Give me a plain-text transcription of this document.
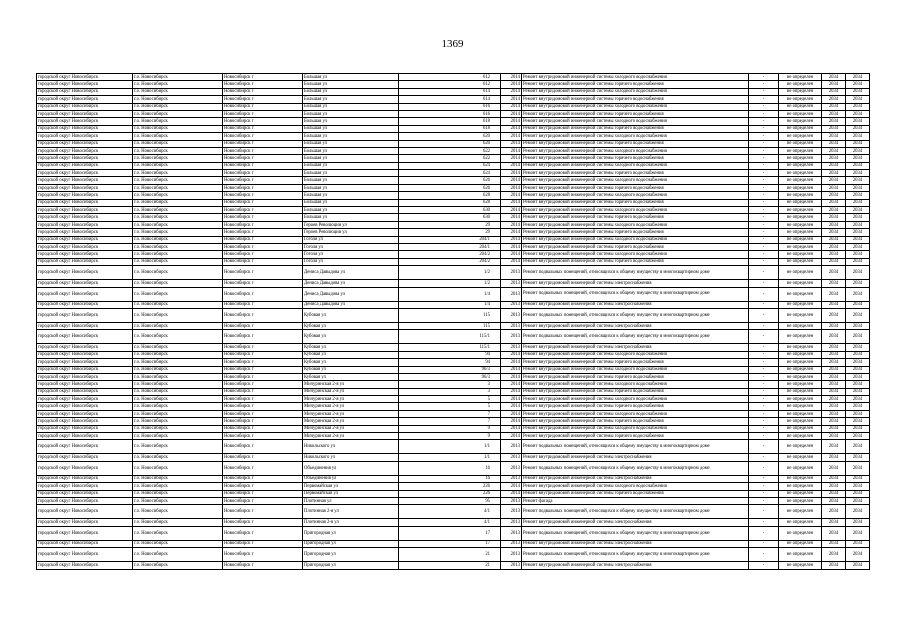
1369
городской округ Новосибирск	г.о. Новосибирск	Новосибирск г	Большая ул	612	2014	Ремонт внутридомовой инженерной системы холодного водоснабжения	-	не определен	2034	2034
городской округ Новосибирск	г.о. Новосибирск	Новосибирск г	Большая ул	612	2014	Ремонт внутридомовой инженерной системы горячего водоснабжения	-	не определен	2034	2034
городской округ Новосибирск	г.о. Новосибирск	Новосибирск г	Большая ул	614	2014	Ремонт внутридомовой инженерной системы холодного водоснабжения	-	не определен	2034	2034
городской округ Новосибирск	г.о. Новосибирск	Новосибирск г	Большая ул	614	2014	Ремонт внутридомовой инженерной системы горячего водоснабжения	-	не определен	2034	2034
городской округ Новосибирск	г.о. Новосибирск	Новосибирск г	Большая ул	616	2014	Ремонт внутридомовой инженерной системы холодного водоснабжения	-	не определен	2034	2034
городской округ Новосибирск	г.о. Новосибирск	Новосибирск г	Большая ул	616	2014	Ремонт внутридомовой инженерной системы горячего водоснабжения	-	не определен	2034	2034
городской округ Новосибирск	г.о. Новосибирск	Новосибирск г	Большая ул	618	2014	Ремонт внутридомовой инженерной системы холодного водоснабжения	-	не определен	2034	2034
городской округ Новосибирск	г.о. Новосибирск	Новосибирск г	Большая ул	618	2014	Ремонт внутридомовой инженерной системы горячего водоснабжения	-	не определен	2034	2034
городской округ Новосибирск	г.о. Новосибирск	Новосибирск г	Большая ул	620	2014	Ремонт внутридомовой инженерной системы холодного водоснабжения	-	не определен	2034	2034
городской округ Новосибирск	г.о. Новосибирск	Новосибирск г	Большая ул	620	2014	Ремонт внутридомовой инженерной системы горячего водоснабжения	-	не определен	2034	2034
городской округ Новосибирск	г.о. Новосибирск	Новосибирск г	Большая ул	622	2014	Ремонт внутридомовой инженерной системы холодного водоснабжения	-	не определен	2034	2034
городской округ Новосибирск	г.о. Новосибирск	Новосибирск г	Большая ул	622	2014	Ремонт внутридомовой инженерной системы горячего водоснабжения	-	не определен	2034	2034
городской округ Новосибирск	г.о. Новосибирск	Новосибирск г	Большая ул	624	2014	Ремонт внутридомовой инженерной системы холодного водоснабжения	-	не определен	2034	2034
городской округ Новосибирск	г.о. Новосибирск	Новосибирск г	Большая ул	624	2014	Ремонт внутридомовой инженерной системы горячего водоснабжения	-	не определен	2034	2034
городской округ Новосибирск	г.о. Новосибирск	Новосибирск г	Большая ул	626	2014	Ремонт внутридомовой инженерной системы холодного водоснабжения	-	не определен	2034	2034
городской округ Новосибирск	г.о. Новосибирск	Новосибирск г	Большая ул	626	2014	Ремонт внутридомовой инженерной системы горячего водоснабжения	-	не определен	2034	2034
городской округ Новосибирск	г.о. Новосибирск	Новосибирск г	Большая ул	628	2014	Ремонт внутридомовой инженерной системы холодного водоснабжения	-	не определен	2034	2034
городской округ Новосибирск	г.о. Новосибирск	Новосибирск г	Большая ул	628	2014	Ремонт внутридомовой инженерной системы горячего водоснабжения	-	не определен	2034	2034
городской округ Новосибирск	г.о. Новосибирск	Новосибирск г	Большая ул	630	2014	Ремонт внутридомовой инженерной системы холодного водоснабжения	-	не определен	2034	2034
городской округ Новосибирск	г.о. Новосибирск	Новосибирск г	Большая ул	630	2014	Ремонт внутридомовой инженерной системы горячего водоснабжения	-	не определен	2034	2034
городской округ Новосибирск	г.о. Новосибирск	Новосибирск г	Героев Революции ул	29	2014	Ремонт внутридомовой инженерной системы холодного водоснабжения	-	не определен	2034	2034
городской округ Новосибирск	г.о. Новосибирск	Новосибирск г	Героев Революции ул	29	2014	Ремонт внутридомовой инженерной системы горячего водоснабжения	-	не определен	2034	2034
городской округ Новосибирск	г.о. Новосибирск	Новосибирск г	Гоголя ул	204/1	2014	Ремонт внутридомовой инженерной системы холодного водоснабжения	-	не определен	2034	2034
городской округ Новосибирск	г.о. Новосибирск	Новосибирск г	Гоголя ул	204/1	2014	Ремонт внутридомовой инженерной системы горячего водоснабжения	-	не определен	2034	2034
городской округ Новосибирск	г.о. Новосибирск	Новосибирск г	Гоголя ул	204/2	2014	Ремонт внутридомовой инженерной системы холодного водоснабжения	-	не определен	2034	2034
городской округ Новосибирск	г.о. Новосибирск	Новосибирск г	Гоголя ул	204/2	2014	Ремонт внутридомовой инженерной системы горячего водоснабжения	-	не определен	2034	2034
городской округ Новосибирск	г.о. Новосибирск	Новосибирск г	Дениса Давыдова ул	1/2	2013	Ремонт подвальных помещений, относящихся к общему имуществу в многоквартирном доме	-	не определен	2034	2034
городской округ Новосибирск	г.о. Новосибирск	Новосибирск г	Дениса Давыдова ул	1/2	2013	Ремонт внутридомовой инженерной системы электроснабжения	-	не определен	2034	2034
городской округ Новосибирск	г.о. Новосибирск	Новосибирск г	Дениса Давыдова ул	1/4	2013	Ремонт подвальных помещений, относящихся к общему имуществу в многоквартирном доме	-	не определен	2034	2034
городской округ Новосибирск	г.о. Новосибирск	Новосибирск г	Дениса Давыдова ул	1/4	2013	Ремонт внутридомовой инженерной системы электроснабжения	-	не определен	2034	2034
городской округ Новосибирск	г.о. Новосибирск	Новосибирск г	Кубовая ул	115	2013	Ремонт подвальных помещений, относящихся к общему имуществу в многоквартирном доме	-	не определен	2034	2034
городской округ Новосибирск	г.о. Новосибирск	Новосибирск г	Кубовая ул	115	2013	Ремонт внутридомовой инженерной системы электроснабжения	-	не определен	2034	2034
городской округ Новосибирск	г.о. Новосибирск	Новосибирск г	Кубовая ул	115/1	2013	Ремонт подвальных помещений, относящихся к общему имуществу в многоквартирном доме	-	не определен	2034	2034
городской округ Новосибирск	г.о. Новосибирск	Новосибирск г	Кубовая ул	115/1	2013	Ремонт внутридомовой инженерной системы электроснабжения	-	не определен	2034	2034
городской округ Новосибирск	г.о. Новосибирск	Новосибирск г	Кубовая ул	94	2014	Ремонт внутридомовой инженерной системы холодного водоснабжения	-	не определен	2034	2034
городской округ Новосибирск	г.о. Новосибирск	Новосибирск г	Кубовая ул	94	2014	Ремонт внутридомовой инженерной системы горячего водоснабжения	-	не определен	2034	2034
городской округ Новосибирск	г.о. Новосибирск	Новосибирск г	Кубовая ул	96/3	2014	Ремонт внутридомовой инженерной системы холодного водоснабжения	-	не определен	2034	2034
городской округ Новосибирск	г.о. Новосибирск	Новосибирск г	Кубовая ул	96/3	2014	Ремонт внутридомовой инженерной системы горячего водоснабжения	-	не определен	2034	2034
городской округ Новосибирск	г.о. Новосибирск	Новосибирск г	Мичуринская 2-я ул	3	2014	Ремонт внутридомовой инженерной системы холодного водоснабжения	-	не определен	2034	2034
городской округ Новосибирск	г.о. Новосибирск	Новосибирск г	Мичуринская 2-я ул	3	2014	Ремонт внутридомовой инженерной системы горячего водоснабжения	-	не определен	2034	2034
городской округ Новосибирск	г.о. Новосибирск	Новосибирск г	Мичуринская 2-я ул	5	2014	Ремонт внутридомовой инженерной системы холодного водоснабжения	-	не определен	2034	2034
городской округ Новосибирск	г.о. Новосибирск	Новосибирск г	Мичуринская 2-я ул	5	2014	Ремонт внутридомовой инженерной системы горячего водоснабжения	-	не определен	2034	2034
городской округ Новосибирск	г.о. Новосибирск	Новосибирск г	Мичуринская 2-я ул	7	2014	Ремонт внутридомовой инженерной системы холодного водоснабжения	-	не определен	2034	2034
городской округ Новосибирск	г.о. Новосибирск	Новосибирск г	Мичуринская 2-я ул	7	2014	Ремонт внутридомовой инженерной системы горячего водоснабжения	-	не определен	2034	2034
городской округ Новосибирск	г.о. Новосибирск	Новосибирск г	Мичуринская 2-я ул	9	2014	Ремонт внутридомовой инженерной системы холодного водоснабжения	-	не определен	2034	2034
городской округ Новосибирск	г.о. Новосибирск	Новосибирск г	Мичуринская 2-я ул	9	2014	Ремонт внутридомовой инженерной системы горячего водоснабжения	-	не определен	2034	2034
городской округ Новосибирск	г.о. Новосибирск	Новосибирск г	Никольского ул	1/1	2013	Ремонт подвальных помещений, относящихся к общему имуществу в многоквартирном доме	-	не определен	2034	2034
городской округ Новосибирск	г.о. Новосибирск	Новосибирск г	Никольского ул	1/1	2013	Ремонт внутридомовой инженерной системы электроснабжения	-	не определен	2034	2034
городской округ Новосибирск	г.о. Новосибирск	Новосибирск г	Объединения ул	16	2013	Ремонт подвальных помещений, относящихся к общему имуществу в многоквартирном доме	-	не определен	2034	2034
городской округ Новосибирск	г.о. Новосибирск	Новосибирск г	Объединения ул	16	2013	Ремонт внутридомовой инженерной системы электроснабжения	-	не определен	2034	2034
городской округ Новосибирск	г.о. Новосибирск	Новосибирск г	Первомайская ул	226	2014	Ремонт внутридомовой инженерной системы холодного водоснабжения	-	не определен	2034	2034
городской округ Новосибирск	г.о. Новосибирск	Новосибирск г	Первомайская ул	226	2014	Ремонт внутридомовой инженерной системы горячего водоснабжения	-	не определен	2034	2034
городской округ Новосибирск	г.о. Новосибирск	Новосибирск г	Плотинная ул	95	2013	Ремонт фасада	-	не определен	2034	2034
городской округ Новосибирск	г.о. Новосибирск	Новосибирск г	Плотинная 2-я ул	4/1	2013	Ремонт подвальных помещений, относящихся к общему имуществу в многоквартирном доме	-	не определен	2034	2034
городской округ Новосибирск	г.о. Новосибирск	Новосибирск г	Плотинная 2-я ул	4/1	2013	Ремонт внутридомовой инженерной системы электроснабжения	-	не определен	2034	2034
городской округ Новосибирск	г.о. Новосибирск	Новосибирск г	Пригородная ул	17	2013	Ремонт подвальных помещений, относящихся к общему имуществу в многоквартирном доме	-	не определен	2034	2034
городской округ Новосибирск	г.о. Новосибирск	Новосибирск г	Пригородная ул	17	2013	Ремонт внутридомовой инженерной системы электроснабжения	-	не определен	2034	2034
городской округ Новосибирск	г.о. Новосибирск	Новосибирск г	Пригородная ул	21	2013	Ремонт подвальных помещений, относящихся к общему имуществу в многоквартирном доме	-	не определен	2034	2034
городской округ Новосибирск	г.о. Новосибирск	Новосибирск г	Пригородная ул	21	2013	Ремонт внутридомовой инженерной системы электроснабжения	-	не определен	2034	2034
